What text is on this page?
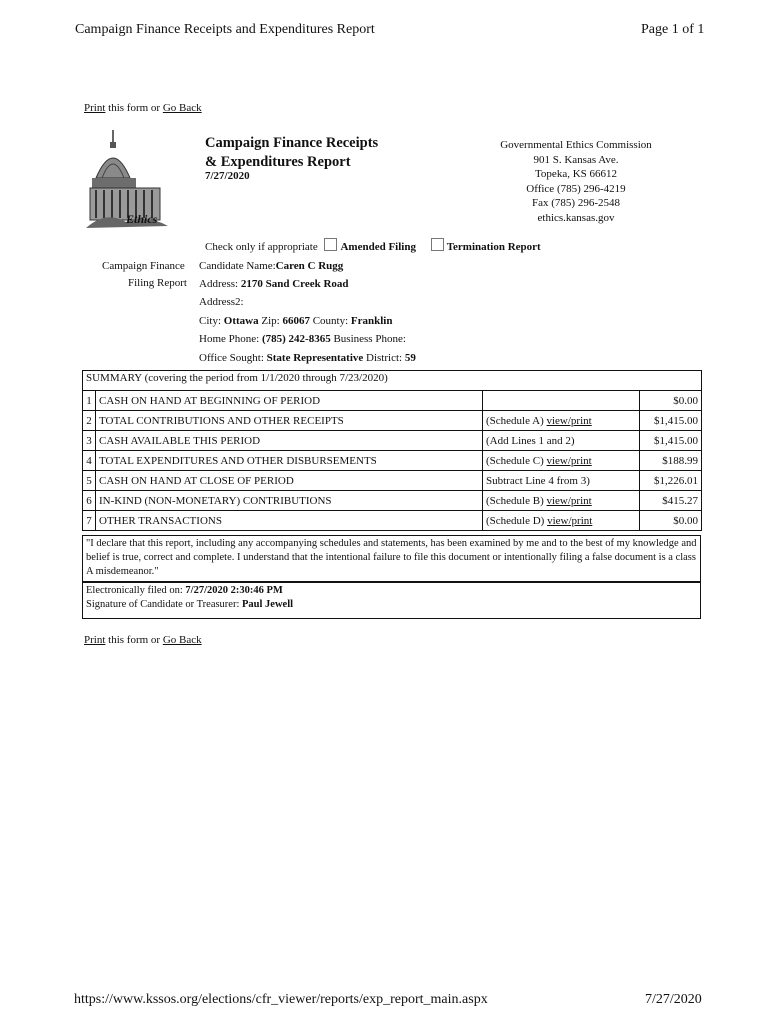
Campaign Finance Receipts and Expenditures Report	Page 1 of 1
Print this form or Go Back
Ethics
Campaign Finance Receipts
& Expenditures Report
7/27/2020
Governmental Ethics Commission
901 S. Kansas Ave.
Topeka, KS 66612
Office (785) 296-4219
Fax (785) 296-2548
ethics.kansas.gov
Check only if appropriate Amended Filing	Termination Report
Campaign Finance
Filing Report
Candidate Name:Caren C Rugg
Address: 2170 Sand Creek Road
Address2:
City: Ottawa Zip: 66067 County: Franklin
Home Phone: (785) 242-8365 Business Phone:
Office Sought: State Representative District: 59
SUMMARY (covering the period from 1/1/2020 through 7/23/2020)
1	CASH ON HAND AT BEGINNING OF PERIOD		$0.00
2	TOTAL CONTRIBUTIONS AND OTHER RECEIPTS	(Schedule A) view/print	$1,415.00
3	CASH AVAILABLE THIS PERIOD	(Add Lines 1 and 2)	$1,415.00
4	TOTAL EXPENDITURES AND OTHER DISBURSEMENTS	(Schedule C) view/print	$188.99
5	CASH ON HAND AT CLOSE OF PERIOD	Subtract Line 4 from 3)	$1,226.01
6	IN-KIND (NON-MONETARY) CONTRIBUTIONS	(Schedule B) view/print	$415.27
7	OTHER TRANSACTIONS	(Schedule D) view/print	$0.00
"I declare that this report, including any accompanying schedules and statements, has been examined by me and to the best of my knowledge and belief is true, correct and complete. I understand that the intentional failure to file this document or intentionally filing a false document is a class A misdemeanor."
Electronically filed on: 7/27/2020 2:30:46 PM
Signature of Candidate or Treasurer: Paul Jewell
Print this form or Go Back
https://www.kssos.org/elections/cfr_viewer/reports/exp_report_main.aspx	7/27/2020
